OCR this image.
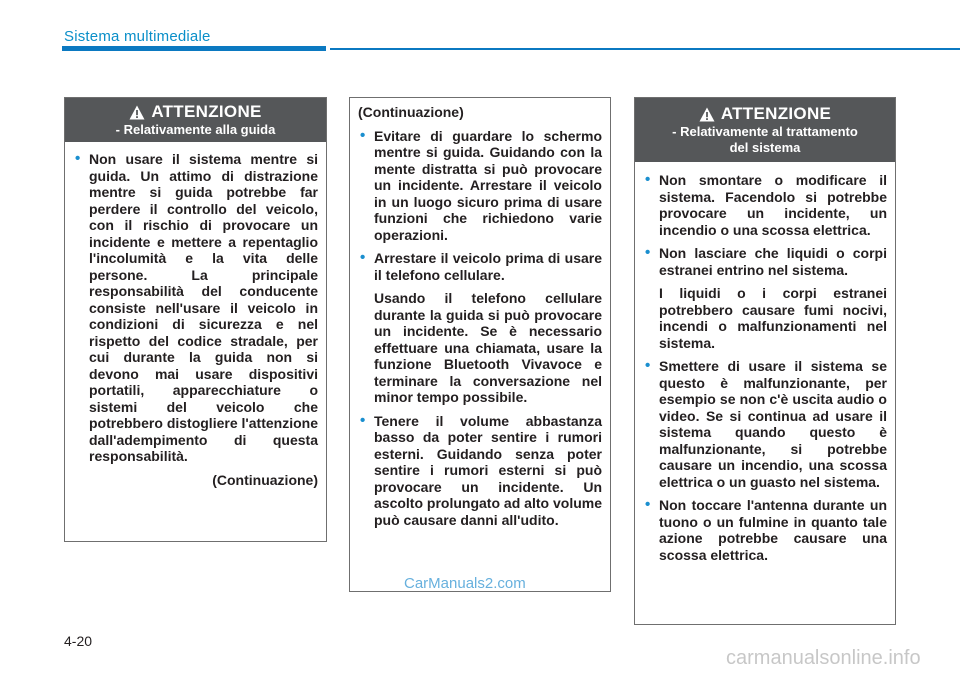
Sistema multimediale
ATTENZIONE
- Relativamente alla guida
• Non usare il sistema mentre si guida. Un attimo di distrazione mentre si guida potrebbe far perdere il controllo del veicolo, con il rischio di provocare un incidente e mettere a repentaglio l'incolumità e la vita delle persone. La principale responsabilità del conducente consiste nell'usare il veicolo in condizioni di sicurezza e nel rispetto del codice stradale, per cui durante la guida non si devono mai usare dispositivi portatili, apparecchiature o sistemi del veicolo che potrebbero distogliere l'attenzione dall'adempimento di questa responsabilità.
(Continuazione)
(Continuazione)
• Evitare di guardare lo schermo mentre si guida. Guidando con la mente distratta si può provocare un incidente. Arrestare il veicolo in un luogo sicuro prima di usare funzioni che richiedono varie operazioni.
• Arrestare il veicolo prima di usare il telefono cellulare.
Usando il telefono cellulare durante la guida si può provocare un incidente. Se è necessario effettuare una chiamata, usare la funzione Bluetooth Vivavoce e terminare la conversazione nel minor tempo possibile.
• Tenere il volume abbastanza basso da poter sentire i rumori esterni. Guidando senza poter sentire i rumori esterni si può provocare un incidente. Un ascolto prolungato ad alto volume può causare danni all'udito.
ATTENZIONE
- Relativamente al trattamento
del sistema
• Non smontare o modificare il sistema. Facendolo si potrebbe provocare un incidente, un incendio o una scossa elettrica.
• Non lasciare che liquidi o corpi estranei entrino nel sistema.
I liquidi o i corpi estranei potrebbero causare fumi nocivi, incendi o malfunzionamenti nel sistema.
• Smettere di usare il sistema se questo è malfunzionante, per esempio se non c'è uscita audio o video. Se si continua ad usare il sistema quando questo è malfunzionante, si potrebbe causare un incendio, una scossa elettrica o un guasto nel sistema.
• Non toccare l'antenna durante un tuono o un fulmine in quanto tale azione potrebbe causare una scossa elettrica.
4-20
CarManuals2.com
carmanualsonline.info
